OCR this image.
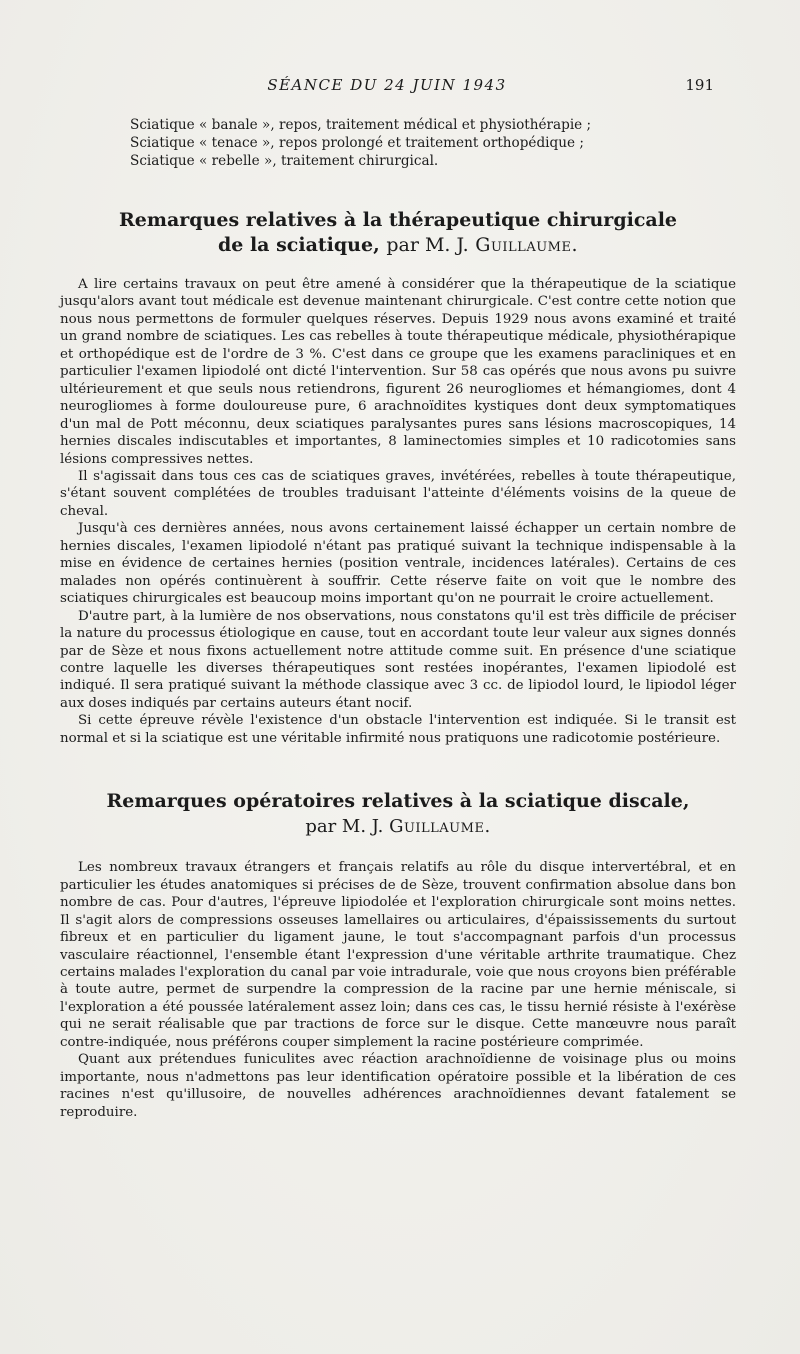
SÉANCE DU 24 JUIN 1943	191

Sciatique « banale », repos, traitement médical et physiothérapie ;

Sciatique « tenace », repos prolongé et traitement orthopédique ;

Sciatique « rebelle », traitement chirurgical.

Remarques relatives à la thérapeutique chirurgicale
de la sciatique, par M. J. Guillaume.

A lire certains travaux on peut être amené à considérer que la thérapeutique de la sciatique jusqu'alors avant tout médicale est devenue maintenant chirurgicale. C'est contre cette notion que nous nous permettons de formuler quelques réserves. Depuis 1929 nous avons examiné et traité un grand nombre de sciatiques. Les cas rebelles à toute thérapeutique médicale, physiothérapique et orthopédique est de l'ordre de 3 %. C'est dans ce groupe que les examens paracliniques et en particulier l'examen lipiodolé ont dicté l'intervention. Sur 58 cas opérés que nous avons pu suivre ultérieurement et que seuls nous retiendrons, figurent 26 neurogliomes et hémangiomes, dont 4 neurogliomes à forme douloureuse pure, 6 arachnoïdites kystiques dont deux symptomatiques d'un mal de Pott méconnu, deux sciatiques paralysantes pures sans lésions macroscopiques, 14 hernies discales indiscutables et importantes, 8 laminectomies simples et 10 radicotomies sans lésions compressives nettes.

Il s'agissait dans tous ces cas de sciatiques graves, invétérées, rebelles à toute thérapeutique, s'étant souvent complétées de troubles traduisant l'atteinte d'éléments voisins de la queue de cheval.

Jusqu'à ces dernières années, nous avons certainement laissé échapper un certain nombre de hernies discales, l'examen lipiodolé n'étant pas pratiqué suivant la technique indispensable à la mise en évidence de certaines hernies (position ventrale, incidences latérales). Certains de ces malades non opérés continuèrent à souffrir. Cette réserve faite on voit que le nombre des sciatiques chirurgicales est beaucoup moins important qu'on ne pourrait le croire actuellement.

D'autre part, à la lumière de nos observations, nous constatons qu'il est très difficile de préciser la nature du processus étiologique en cause, tout en accordant toute leur valeur aux signes donnés par de Sèze et nous fixons actuellement notre attitude comme suit. En présence d'une sciatique contre laquelle les diverses thérapeutiques sont restées inopérantes, l'examen lipiodolé est indiqué. Il sera pratiqué suivant la méthode classique avec 3 cc. de lipiodol lourd, le lipiodol léger aux doses indiqués par certains auteurs étant nocif.

Si cette épreuve révèle l'existence d'un obstacle l'intervention est indiquée. Si le transit est normal et si la sciatique est une véritable infirmité nous pratiquons une radicotomie postérieure.

Remarques opératoires relatives à la sciatique discale,
par M. J. Guillaume.

Les nombreux travaux étrangers et français relatifs au rôle du disque intervertébral, et en particulier les études anatomiques si précises de de Sèze, trouvent confirmation absolue dans bon nombre de cas. Pour d'autres, l'épreuve lipiodolée et l'exploration chirurgicale sont moins nettes. Il s'agit alors de compressions osseuses lamellaires ou articulaires, d'épaississements du surtout fibreux et en particulier du ligament jaune, le tout s'accompagnant parfois d'un processus vasculaire réactionnel, l'ensemble étant l'expression d'une véritable arthrite traumatique. Chez certains malades l'exploration du canal par voie intradurale, voie que nous croyons bien préférable à toute autre, permet de surpendre la compression de la racine par une hernie méniscale, si l'exploration a été poussée latéralement assez loin; dans ces cas, le tissu hernié résiste à l'exérèse qui ne serait réalisable que par tractions de force sur le disque. Cette manœuvre nous paraît contre-indiquée, nous préférons couper simplement la racine postérieure comprimée.

Quant aux prétendues funiculites avec réaction arachnoïdienne de voisinage plus ou moins importante, nous n'admettons pas leur identification opératoire possible et la libération de ces racines n'est qu'illusoire, de nouvelles adhérences arachnoïdiennes devant fatalement se reproduire.
